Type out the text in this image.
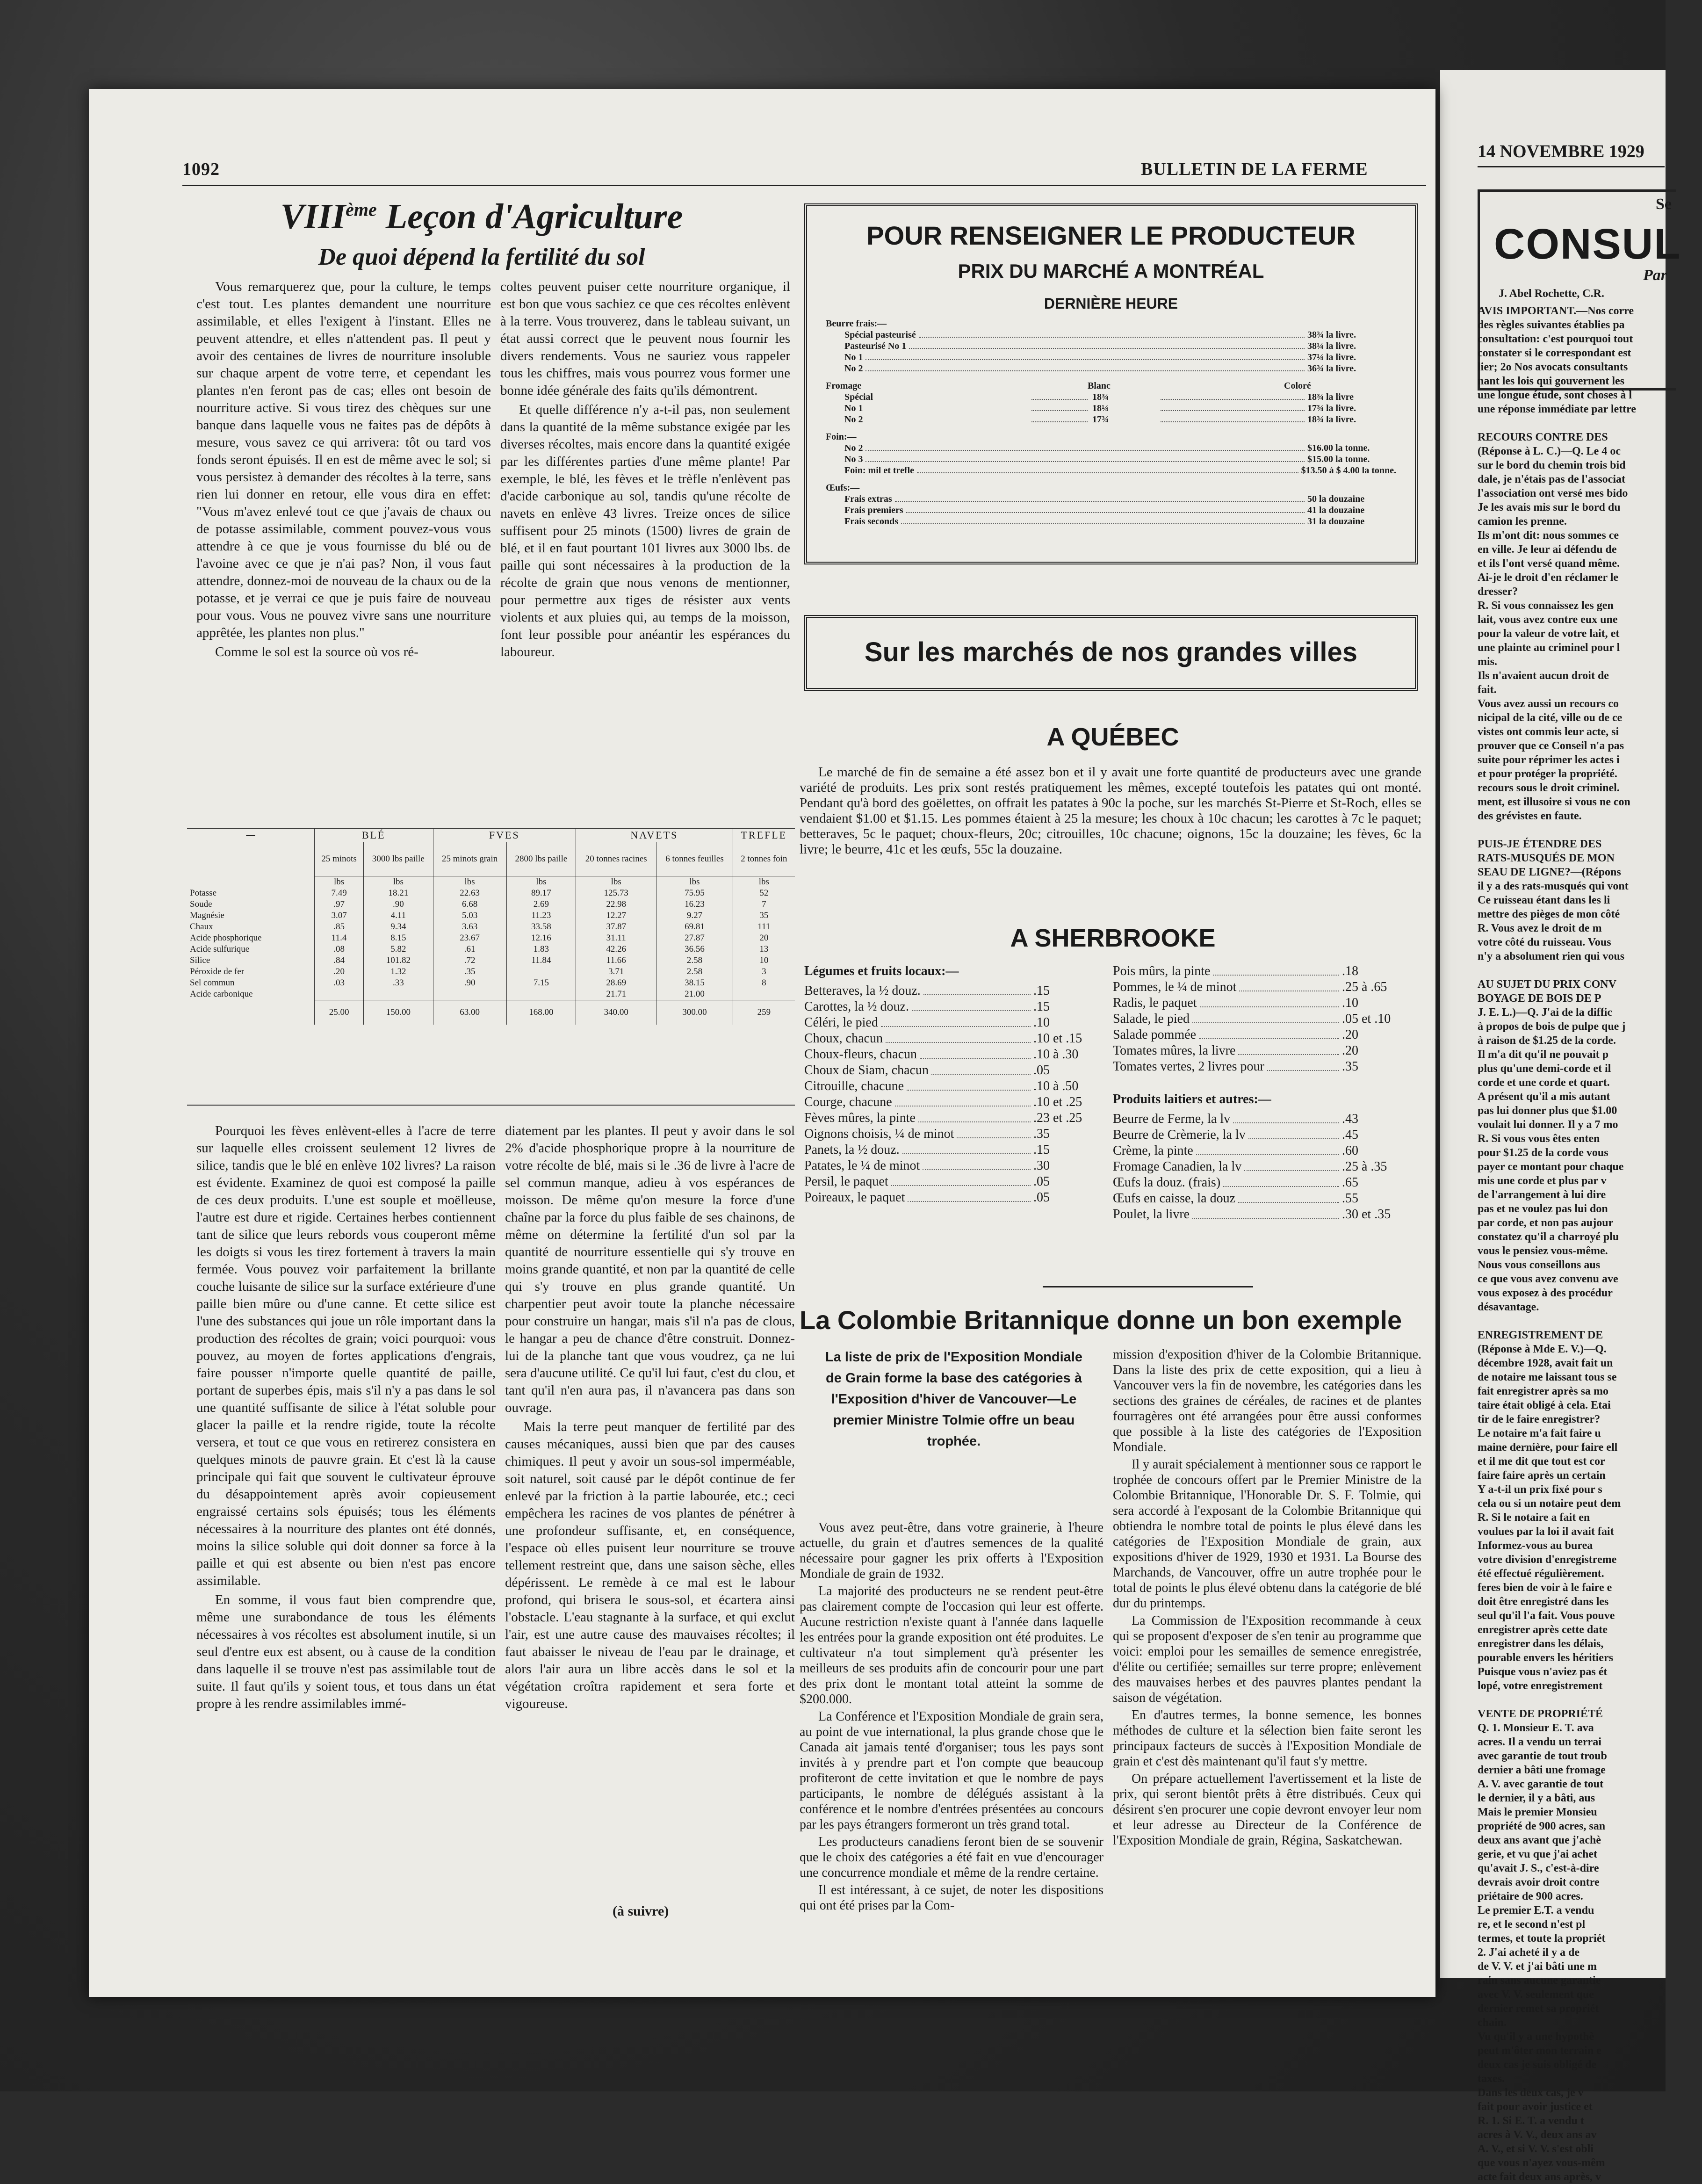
14 NOVEMBRE 1929
Se
CONSUL
Par
J. Abel Rochette, C.R.
AVIS IMPORTANT.—Nos corre
des règles suivantes établies pa
consultation: c'est pourquoi tout
constater si le correspondant est
lier; 2o Nos avocats consultants
nant les lois qui gouvernent les
une longue étude, sont choses à l
une réponse immédiate par lettre
RECOURS CONTRE DES
(Réponse à L. C.)—Q. Le 4 oc
sur le bord du chemin trois bid
dale, je n'étais pas de l'associat
l'association ont versé mes bido
Je les avais mis sur le bord du
camion les prenne.
Ils m'ont dit: nous sommes ce
en ville. Je leur ai défendu de
et ils l'ont versé quand même.
Ai-je le droit d'en réclamer le
dresser?
R. Si vous connaissez les gen
lait, vous avez contre eux une
pour la valeur de votre lait, et
une plainte au criminel pour l
mis.
Ils n'avaient aucun droit de
fait.
Vous avez aussi un recours co
nicipal de la cité, ville ou de ce
vistes ont commis leur acte, si
prouver que ce Conseil n'a pas
suite pour réprimer les actes i
et pour protéger la propriété.
recours sous le droit criminel.
ment, est illusoire si vous ne con
des grévistes en faute.
PUIS-JE ÉTENDRE DES
RATS-MUSQUÉS DE MON
SEAU DE LIGNE?—(Répons
il y a des rats-musqués qui vont
Ce ruisseau étant dans les li
mettre des pièges de mon côté
R. Vous avez le droit de m
votre côté du ruisseau. Vous
n'y a absolument rien qui vous
AU SUJET DU PRIX CONV
BOYAGE DE BOIS DE P
J. E. L.)—Q. J'ai de la diffic
à propos de bois de pulpe que j
à raison de $1.25 de la corde.
Il m'a dit qu'il ne pouvait p
plus qu'une demi-corde et il
corde et une corde et quart.
A présent qu'il a mis autant
pas lui donner plus que $1.00
voulait lui donner. Il y a 7 mo
R. Si vous vous êtes enten
pour $1.25 de la corde vous
payer ce montant pour chaque
mis une corde et plus par v
de l'arrangement à lui dire
pas et ne voulez pas lui don
par corde, et non pas aujour
constatez qu'il a charroyé plu
vous le pensiez vous-même.
Nous vous conseillons aus
ce que vous avez convenu ave
vous exposez à des procédur
désavantage.
ENREGISTREMENT DE
(Réponse à Mde E. V.)—Q.
décembre 1928, avait fait un
de notaire me laissant tous se
fait enregistrer après sa mo
taire était obligé à cela. Etai
tir de le faire enregistrer?
Le notaire m'a fait faire u
maine dernière, pour faire ell
et il me dit que tout est cor
faire faire après un certain
Y a-t-il un prix fixé pour s
cela ou si un notaire peut dem
R. Si le notaire a fait en
voulues par la loi il avait fait
Informez-vous au burea
votre division d'enregistreme
été effectué régulièrement.
feres bien de voir à le faire e
doit être enregistré dans les
seul qu'il l'a fait. Vous pouve
enregistrer après cette date
enregistrer dans les délais,
pourable envers les héritiers
Puisque vous n'aviez pas ét
lopé, votre enregistrement
VENTE DE PROPRIÉTÉ
Q. 1. Monsieur E. T. ava
acres. Il a vendu un terrai
avec garantie de tout troub
dernier a bâti une fromage
A. V. avec garantie de tout
le dernier, il y a bâti, aus
Mais le premier Monsieu
propriété de 900 acres, san
deux ans avant que j'achè
gerie, et vu que j'ai achet
qu'avait J. S., c'est-à-dire
devrais avoir droit contre
priétaire de 900 acres.
Le premier E.T. a vendu
re, et le second n'est pl
termes, et toute la propriét
2. J'ai acheté il y a de
de V. V. et j'ai bâti une m
rain sans aucune garantie
avec V. V. seulement que
dernier remet sa propriét
chain.
Vu qu'il y a une hypothè
peut m'ôter mon terrain e
deux cas je suis obligé de
taxes.
Dans les deux cas, je v
fait pour avoir justice et
R. 1. Si E. T. a vendu t
acres à V. V., deux ans av
A. V., et si V. V. s'est obli
que vous n'ayez vous-mêm
acte fait deux ans après, v
1092	BULLETIN DE LA FERME
VIIIème Leçon d'Agriculture
De quoi dépend la fertilité du sol

Vous remarquerez que, pour la culture, le temps c'est tout. Les plantes demandent une nourriture assimilable, et elles l'exigent à l'instant. Elles ne peuvent attendre, et elles n'attendent pas. Il peut y avoir des centaines de livres de nourriture insoluble sur chaque arpent de votre terre, et cependant les plantes n'en feront pas de cas; elles ont besoin de nourriture active. Si vous tirez des chèques sur une banque dans laquelle vous ne faites pas de dépôts à mesure, vous savez ce qui arrivera: tôt ou tard vos fonds seront épuisés. Il en est de même avec le sol; si vous persistez à demander des récoltes à la terre, sans rien lui donner en retour, elle vous dira en effet: "Vous m'avez enlevé tout ce que j'avais de chaux ou de potasse assimilable, comment pouvez-vous vous attendre à ce que je vous fournisse du blé ou de l'avoine avec ce que je n'ai pas? Non, il vous faut attendre, donnez-moi de nouveau de la chaux ou de la potasse, et je verrai ce que je puis faire de nouveau pour vous. Vous ne pouvez vivre sans une nourriture apprêtée, les plantes non plus."

Comme le sol est la source où vos ré-

coltes peuvent puiser cette nourriture organique, il est bon que vous sachiez ce que ces récoltes enlèvent à la terre. Vous trouverez, dans le tableau suivant, un état aussi correct que le peuvent nous fournir les divers rendements. Vous ne sauriez vous rappeler tous les chiffres, mais vous pourrez vous former une bonne idée générale des faits qu'ils démontrent.

Et quelle différence n'y a-t-il pas, non seulement dans la quantité de la même substance exigée par les diverses récoltes, mais encore dans la quantité exigée par les différentes parties d'une même plante! Par exemple, le blé, les fèves et le trèfle n'enlèvent pas d'acide carbonique au sol, tandis qu'une récolte de navets en enlève 43 livres. Treize onces de silice suffisent pour 25 minots (1500) livres de grain de blé, et il en faut pourtant 101 livres aux 3000 lbs. de paille qui sont nécessaires à la production de la récolte de grain que nous venons de mentionner, pour permettre aux tiges de résister aux vents violents et aux pluies qui, au temps de la moisson, font leur possible pour anéantir les espérances du laboureur.

—	BLÉ		FVES		NAVETS		TREFLE
	25 minots	3000 lbs paille	25 minots grain	2800 lbs paille	20 tonnes racines	6 tonnes feuilles	2 tonnes foin
	lbs	lbs	lbs	lbs	lbs	lbs	lbs
Potasse	7.49	18.21	22.63	89.17	125.73	75.95	52
Soude	.97	.90	6.68	2.69	22.98	16.23	7
Magnésie	3.07	4.11	5.03	11.23	12.27	9.27	35
Chaux	.85	9.34	3.63	33.58	37.87	69.81	111
Acide phosphorique	11.4	8.15	23.67	12.16	31.11	27.87	20
Acide sulfurique	.08	5.82	.61	1.83	42.26	36.56	13
Silice	.84	101.82	.72	11.84	11.66	2.58	10
Péroxide de fer	.20	1.32	.35		3.71	2.58	3
Sel commun	.03	.33	.90	7.15	28.69	38.15	8
Acide carbonique					21.71	21.00	
	25.00	150.00	63.00	168.00	340.00	300.00	259

Pourquoi les fèves enlèvent-elles à l'acre de terre sur laquelle elles croissent seulement 12 livres de silice, tandis que le blé en enlève 102 livres? La raison est évidente. Examinez de quoi est composé la paille de ces deux produits. L'une est souple et moëlleuse, l'autre est dure et rigide. Certaines herbes contiennent tant de silice que leurs rebords vous couperont même les doigts si vous les tirez fortement à travers la main fermée. Vous pouvez voir parfaitement la brillante couche luisante de silice sur la surface extérieure d'une paille bien mûre ou d'une canne. Et cette silice est l'une des substances qui joue un rôle important dans la production des récoltes de grain; voici pourquoi: vous pouvez, au moyen de fortes applications d'engrais, faire pousser n'importe quelle quantité de paille, portant de superbes épis, mais s'il n'y a pas dans le sol une quantité suffisante de silice à l'état soluble pour glacer la paille et la rendre rigide, toute la récolte versera, et tout ce que vous en retirerez consistera en quelques minots de pauvre grain. Et c'est là la cause principale qui fait que souvent le cultivateur éprouve du désappointement après avoir copieusement engraissé certains sols épuisés; tous les éléments nécessaires à la nourriture des plantes ont été donnés, moins la silice soluble qui doit donner sa force à la paille et qui est absente ou bien n'est pas encore assimilable.

En somme, il vous faut bien comprendre que, même une surabondance de tous les éléments nécessaires à vos récoltes est absolument inutile, si un seul d'entre eux est absent, ou à cause de la condition dans laquelle il se trouve n'est pas assimilable tout de suite. Il faut qu'ils y soient tous, et tous dans un état propre à les rendre assimilables immé-

diatement par les plantes. Il peut y avoir dans le sol 2% d'acide phosphorique propre à la nourriture de votre récolte de blé, mais si le .36 de livre à l'acre de sel commun manque, adieu à vos espérances de moisson. De même qu'on mesure la force d'une chaîne par la force du plus faible de ses chainons, de même on détermine la fertilité d'un sol par la quantité de nourriture essentielle qui s'y trouve en moins grande quantité, et non par la quantité de celle qui s'y trouve en plus grande quantité. Un charpentier peut avoir toute la planche nécessaire pour construire un hangar, mais s'il n'a pas de clous, le hangar a peu de chance d'être construit. Donnez-lui de la planche tant que vous voudrez, ça ne lui sera d'aucune utilité. Ce qu'il lui faut, c'est du clou, et tant qu'il n'en aura pas, il n'avancera pas dans son ouvrage.

Mais la terre peut manquer de fertilité par des causes mécaniques, aussi bien que par des causes chimiques. Il peut y avoir un sous-sol imperméable, soit naturel, soit causé par le dépôt continue de fer enlevé par la friction à la partie labourée, etc.; ceci empêchera les racines de vos plantes de pénétrer à une profondeur suffisante, et, en conséquence, l'espace où elles puisent leur nourriture se trouve tellement restreint que, dans une saison sèche, elles dépérissent. Le remède à ce mal est le labour profond, qui brisera le sous-sol, et écartera ainsi l'obstacle. L'eau stagnante à la surface, et qui exclut l'air, est une autre cause des mauvaises récoltes; il faut abaisser le niveau de l'eau par le drainage, et alors l'air aura un libre accès dans le sol et la végétation croîtra rapidement et sera forte et vigoureuse.

(à suivre)
POUR RENSEIGNER LE PRODUCTEUR
PRIX DU MARCHÉ A MONTRÉAL
DERNIÈRE HEURE
Beurre frais:—
Spécial pasteurisé	38¾ la livre.
Pasteurisé No 1	38¼ la livre.
No 1	37¼ la livre.
No 2	36¾ la livre.
Fromage	Blanc	Coloré
Spécial	18¾	18¾ la livre
No 1	18¼	17¾ la livre.
No 2	17¾	18¾ la livre.
Foin:—
No 2	$16.00 la tonne.
No 3	$15.00 la tonne.
Foin: mil et trefle	$13.50 à $ 4.00 la tonne.
Œufs:—
Frais extras	50 la douzaine
Frais premiers	41 la douzaine
Frais seconds	31 la douzaine
Sur les marchés de nos grandes villes
A QUÉBEC
Le marché de fin de semaine a été assez bon et il y avait une forte quantité de producteurs avec une grande variété de produits. Les prix sont restés pratiquement les mêmes, excepté toutefois les patates qui ont monté. Pendant qu'à bord des goëlettes, on offrait les patates à 90c la poche, sur les marchés St-Pierre et St-Roch, elles se vendaient $1.00 et $1.15. Les pommes étaient à 25 la mesure; les choux à 10c chacun; les carottes à 7c le paquet; betteraves, 5c le paquet; choux-fleurs, 20c; citrouilles, 10c chacune; oignons, 15c la douzaine; les fèves, 6c la livre; le beurre, 41c et les œufs, 55c la douzaine.
A SHERBROOKE
Légumes et fruits locaux:—
Betteraves, la ½ douz.	.15
Carottes, la ½ douz.	.15
Céléri, le pied	.10
Choux, chacun	.10 et .15
Choux-fleurs, chacun	.10 à .30
Choux de Siam, chacun	.05
Citrouille, chacune	.10 à .50
Courge, chacune	.10 et .25
Fèves mûres, la pinte	.23 et .25
Oignons choisis, ¼ de minot	.35
Panets, la ½ douz.	.15
Patates, le ¼ de minot	.30
Persil, le paquet	.05
Poireaux, le paquet	.05
Pois mûrs, la pinte	.18
Pommes, le ¼ de minot	.25 à .65
Radis, le paquet	.10
Salade, le pied	.05 et .10
Salade pommée	.20
Tomates mûres, la livre	.20
Tomates vertes, 2 livres pour	.35
Produits laitiers et autres:—
Beurre de Ferme, la lv	.43
Beurre de Crèmerie, la lv	.45
Crème, la pinte	.60
Fromage Canadien, la lv	.25 à .35
Œufs la douz. (frais)	.65
Œufs en caisse, la douz	.55
Poulet, la livre	.30 et .35
La Colombie Britannique donne un bon exemple
La liste de prix de l'Exposition Mondiale de Grain forme la base des catégories à l'Exposition d'hiver de Vancouver—Le premier Ministre Tolmie offre un beau trophée.

Vous avez peut-être, dans votre grainerie, à l'heure actuelle, du grain et d'autres semences de la qualité nécessaire pour gagner les prix offerts à l'Exposition Mondiale de grain de 1932.

La majorité des producteurs ne se rendent peut-être pas clairement compte de l'occasion qui leur est offerte. Aucune restriction n'existe quant à l'année dans laquelle les entrées pour la grande exposition ont été produites. Le cultivateur n'a tout simplement qu'à présenter les meilleurs de ses produits afin de concourir pour une part des prix dont le montant total atteint la somme de $200.000.

La Conférence et l'Exposition Mondiale de grain sera, au point de vue international, la plus grande chose que le Canada ait jamais tenté d'organiser; tous les pays sont invités à y prendre part et l'on compte que beaucoup profiteront de cette invitation et que le nombre de pays participants, le nombre de délégués assistant à la conférence et le nombre d'entrées présentées au concours par les pays étrangers formeront un très grand total.

Les producteurs canadiens feront bien de se souvenir que le choix des catégories a été fait en vue d'encourager une concurrence mondiale et même de la rendre certaine.

Il est intéressant, à ce sujet, de noter les dispositions qui ont été prises par la Com-

mission d'exposition d'hiver de la Colombie Britannique. Dans la liste des prix de cette exposition, qui a lieu à Vancouver vers la fin de novembre, les catégories dans les sections des graines de céréales, de racines et de plantes fourragères ont été arrangées pour être aussi conformes que possible à la liste des catégories de l'Exposition Mondiale.

Il y aurait spécialement à mentionner sous ce rapport le trophée de concours offert par le Premier Ministre de la Colombie Britannique, l'Honorable Dr. S. F. Tolmie, qui sera accordé à l'exposant de la Colombie Britannique qui obtiendra le nombre total de points le plus élevé dans les catégories de l'Exposition Mondiale de grain, aux expositions d'hiver de 1929, 1930 et 1931. La Bourse des Marchands, de Vancouver, offre un autre trophée pour le total de points le plus élevé obtenu dans la catégorie de blé dur du printemps.

La Commission de l'Exposition recommande à ceux qui se proposent d'exposer de s'en tenir au programme que voici: emploi pour les semailles de semence enregistrée, d'élite ou certifiée; semailles sur terre propre; enlèvement des mauvaises herbes et des pauvres plantes pendant la saison de végétation.

En d'autres termes, la bonne semence, les bonnes méthodes de culture et la sélection bien faite seront les principaux facteurs de succès à l'Exposition Mondiale de grain et c'est dès maintenant qu'il faut s'y mettre.

On prépare actuellement l'avertissement et la liste de prix, qui seront bientôt prêts à être distribués. Ceux qui désirent s'en procurer une copie devront envoyer leur nom et leur adresse au Directeur de la Conférence de l'Exposition Mondiale de grain, Régina, Saskatchewan.
